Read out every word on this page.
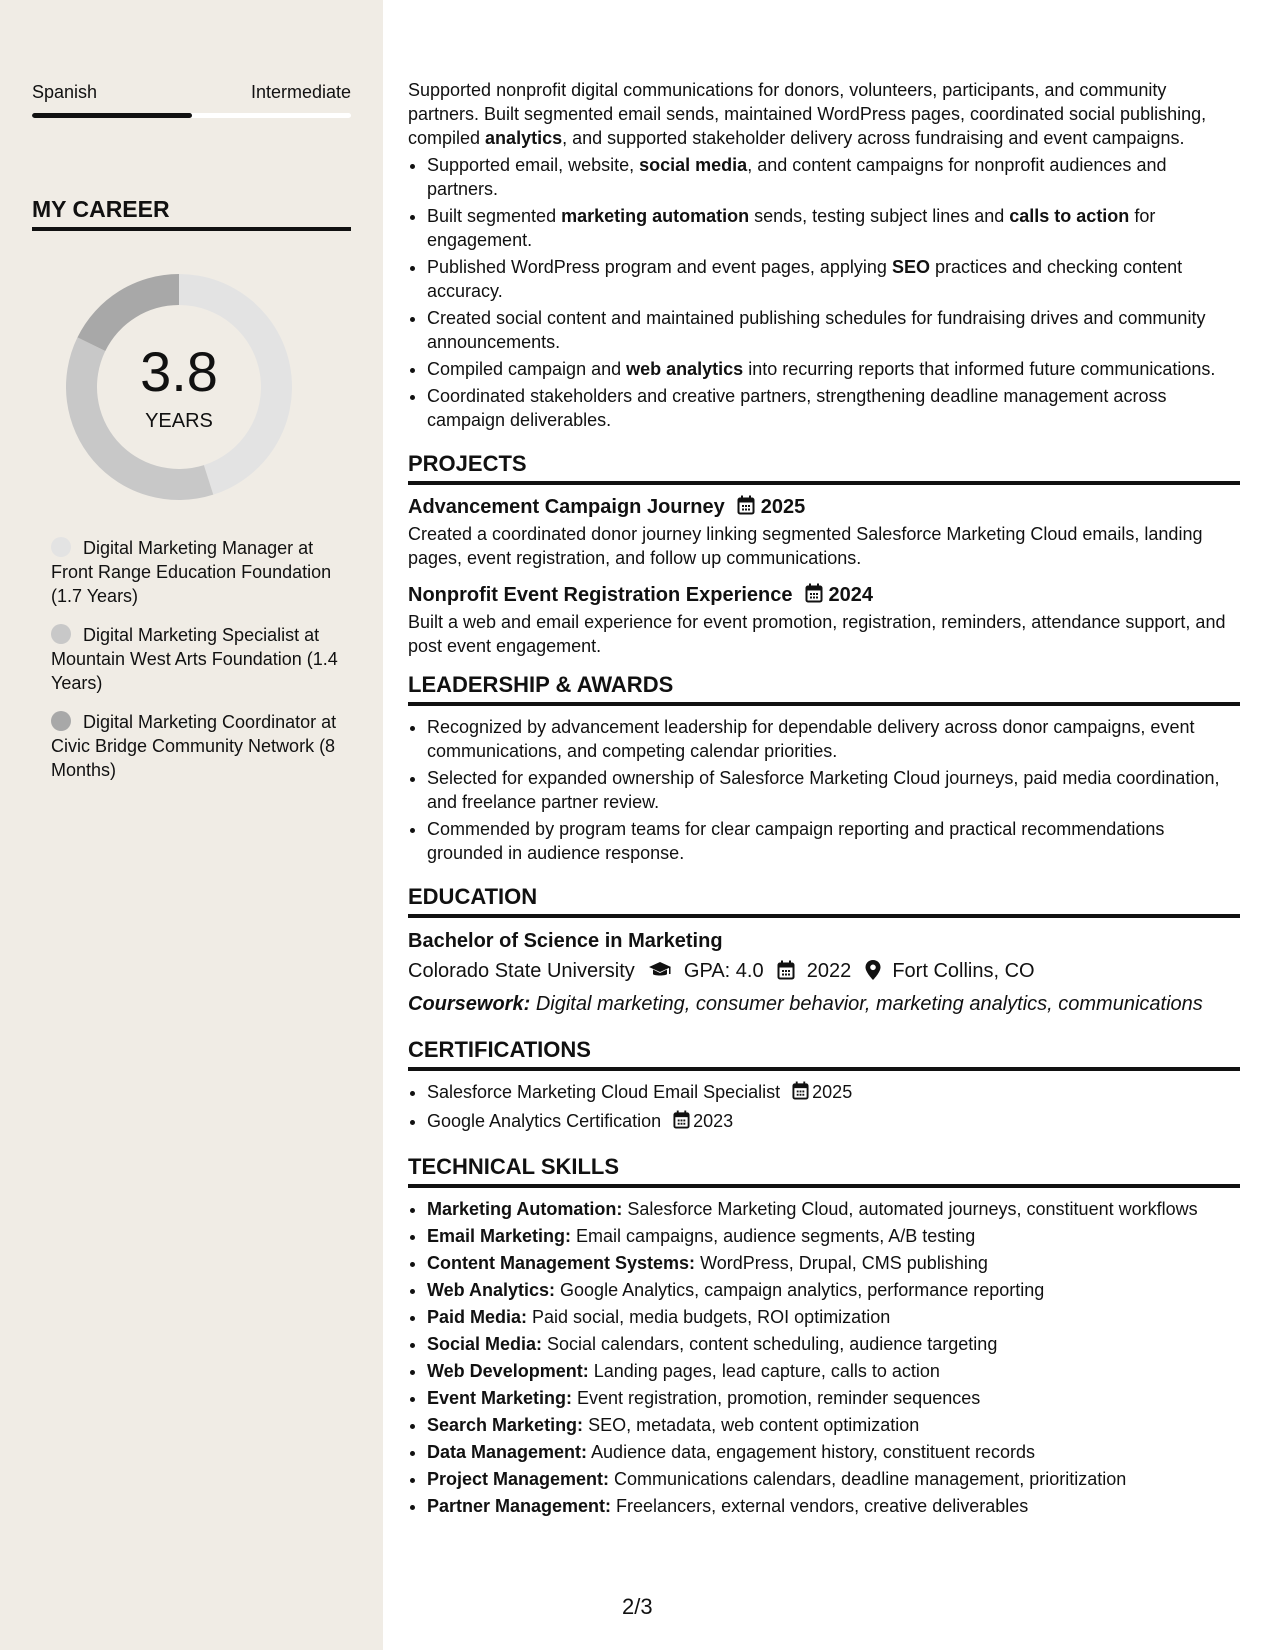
Spanish	Intermediate
MY CAREER
3.8
YEARS
Digital Marketing Manager at Front Range Education Foundation (1.7 Years)
Digital Marketing Specialist at Mountain West Arts Foundation (1.4 Years)
Digital Marketing Coordinator at Civic Bridge Community Network (8 Months)

Supported nonprofit digital communications for donors, volunteers, participants, and community partners. Built segmented email sends, maintained WordPress pages, coordinated social publishing, compiled analytics, and supported stakeholder delivery across fundraising and event campaigns.

• Supported email, website, social media, and content campaigns for nonprofit audiences and partners.
• Built segmented marketing automation sends, testing subject lines and calls to action for engagement.
• Published WordPress program and event pages, applying SEO practices and checking content accuracy.
• Created social content and maintained publishing schedules for fundraising drives and community announcements.
• Compiled campaign and web analytics into recurring reports that informed future communications.
• Coordinated stakeholders and creative partners, strengthening deadline management across campaign deliverables.
PROJECTS
Advancement Campaign Journey 2025
Created a coordinated donor journey linking segmented Salesforce Marketing Cloud emails, landing pages, event registration, and follow up communications.
Nonprofit Event Registration Experience 2024
Built a web and email experience for event promotion, registration, reminders, attendance support, and post event engagement.
LEADERSHIP & AWARDS
• Recognized by advancement leadership for dependable delivery across donor campaigns, event communications, and competing calendar priorities.
• Selected for expanded ownership of Salesforce Marketing Cloud journeys, paid media coordination, and freelance partner review.
• Commended by program teams for clear campaign reporting and practical recommendations grounded in audience response.
EDUCATION
Bachelor of Science in Marketing
Colorado State University GPA: 4.0 2022 Fort Collins, CO
Coursework: Digital marketing, consumer behavior, marketing analytics, communications
CERTIFICATIONS
• Salesforce Marketing Cloud Email Specialist 2025
• Google Analytics Certification 2023
TECHNICAL SKILLS
• Marketing Automation: Salesforce Marketing Cloud, automated journeys, constituent workflows
• Email Marketing: Email campaigns, audience segments, A/B testing
• Content Management Systems: WordPress, Drupal, CMS publishing
• Web Analytics: Google Analytics, campaign analytics, performance reporting
• Paid Media: Paid social, media budgets, ROI optimization
• Social Media: Social calendars, content scheduling, audience targeting
• Web Development: Landing pages, lead capture, calls to action
• Event Marketing: Event registration, promotion, reminder sequences
• Search Marketing: SEO, metadata, web content optimization
• Data Management: Audience data, engagement history, constituent records
• Project Management: Communications calendars, deadline management, prioritization
• Partner Management: Freelancers, external vendors, creative deliverables
2/3
